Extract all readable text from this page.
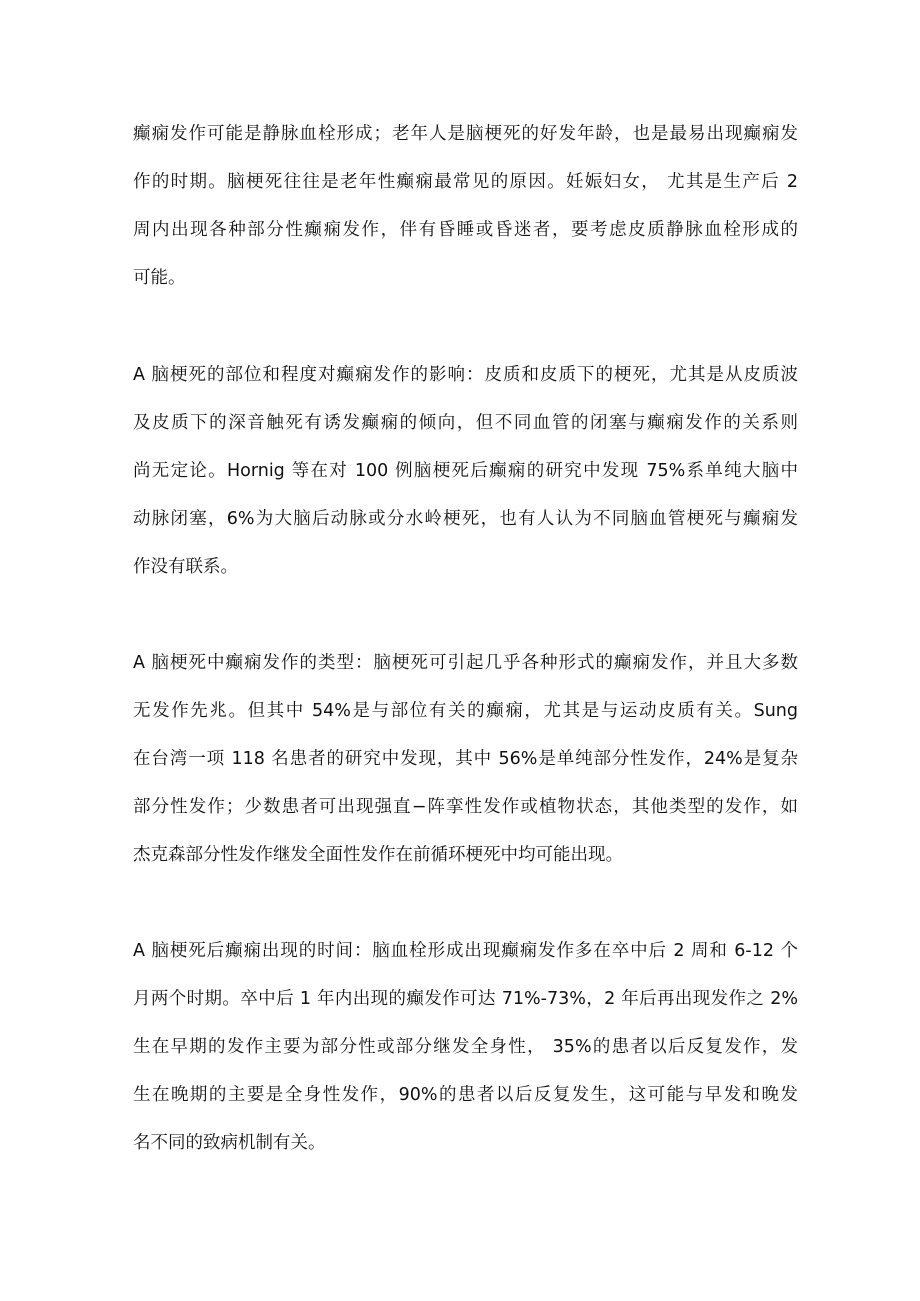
癫痫发作可能是静脉血栓形成；老年人是脑梗死的好发年龄，也是最易出现癫痫发
作的时期。脑梗死往往是老年性癫痫最常见的原因。妊娠妇女， 尤其是生产后 2
周内出现各种部分性癫痫发作，伴有昏睡或昏迷者，要考虑皮质静脉血栓形成的
可能。
A 脑梗死的部位和程度对癫痫发作的影响：皮质和皮质下的梗死，尤其是从皮质波
及皮质下的深音触死有诱发癫痫的倾向，但不同血管的闭塞与癫痫发作的关系则
尚无定论。Hornig 等在对 100 例脑梗死后癫痫的研究中发现 75%系单纯大脑中
动脉闭塞，6%为大脑后动脉或分水岭梗死，也有人认为不同脑血管梗死与癫痫发
作没有联系。
A 脑梗死中癫痫发作的类型：脑梗死可引起几乎各种形式的癫痫发作，并且大多数
无发作先兆。但其中 54%是与部位有关的癫痫，尤其是与运动皮质有关。Sung
在台湾一项 118 名患者的研究中发现，其中 56%是单纯部分性发作，24%是复杂
部分性发作；少数患者可出现强直−阵挛性发作或植物状态，其他类型的发作，如
杰克森部分性发作继发全面性发作在前循环梗死中均可能出现。
A 脑梗死后癫痫出现的时间：脑血栓形成出现癫痫发作多在卒中后 2 周和 6-12 个
月两个时期。卒中后 1 年内出现的癫发作可达 71%-73%，2 年后再出现发作之 2%
生在早期的发作主要为部分性或部分继发全身性， 35%的患者以后反复发作，发
生在晚期的主要是全身性发作，90%的患者以后反复发生，这可能与早发和晚发
名不同的致病机制有关。
